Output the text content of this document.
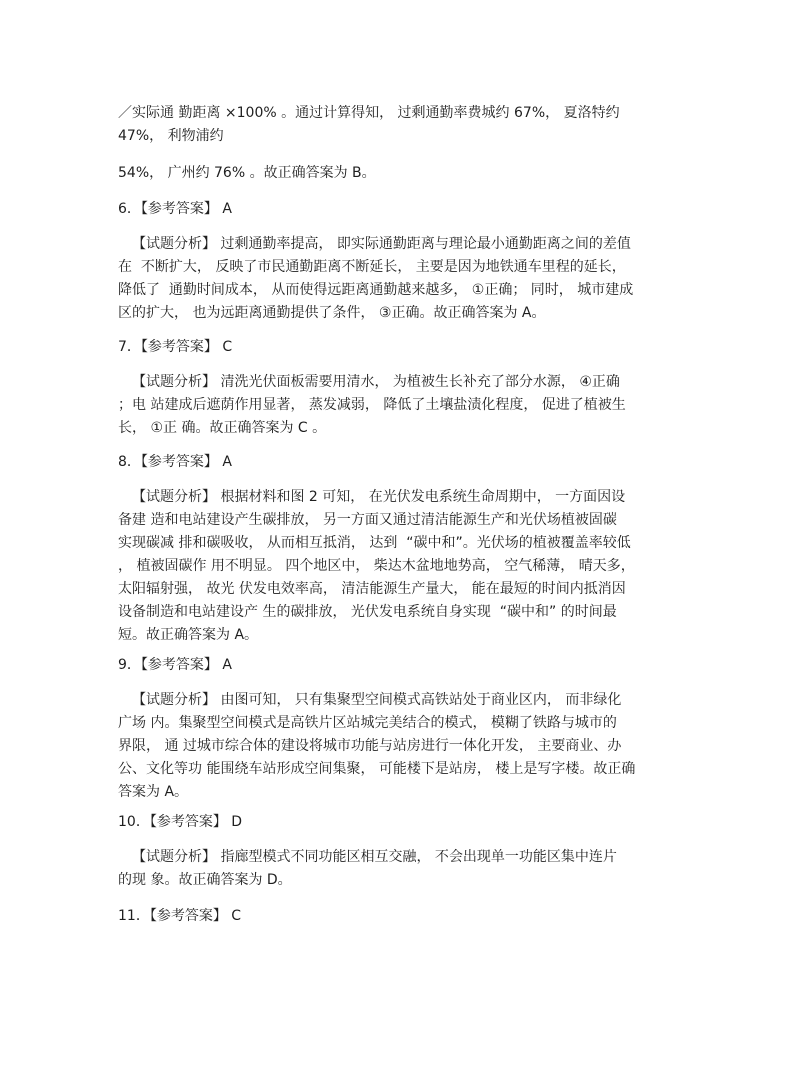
／实际通 勤距离 ×100% 。通过计算得知， 过剩通勤率费城约 67%， 夏洛特约

47%， 利物浦约

54%， 广州约 76% 。故正确答案为 B。

6．【参考答案】 A

【试题分析】 过剩通勤率提高， 即实际通勤距离与理论最小通勤距离之间的差值

在  不断扩大， 反映了市民通勤距离不断延长， 主要是因为地铁通车里程的延长，

降低了  通勤时间成本， 从而使得远距离通勤越来越多， ①正确； 同时， 城市建成

区的扩大， 也为远距离通勤提供了条件， ③正确。故正确答案为 A。

7．【参考答案】 C

【试题分析】 清洗光伏面板需要用清水， 为植被生长补充了部分水源， ④正确

；电 站建成后遮荫作用显著， 蒸发减弱， 降低了土壤盐渍化程度， 促进了植被生

长， ①正 确。故正确答案为 C 。

8．【参考答案】 A

【试题分析】 根据材料和图 2 可知， 在光伏发电系统生命周期中， 一方面因设

备建 造和电站建设产生碳排放， 另一方面又通过清洁能源生产和光伏场植被固碳

实现碳减 排和碳吸收， 从而相互抵消， 达到  “碳中和”。光伏场的植被覆盖率较低

， 植被固碳作 用不明显。 四个地区中， 柴达木盆地地势高， 空气稀薄， 晴天多，

太阳辐射强， 故光 伏发电效率高， 清洁能源生产量大， 能在最短的时间内抵消因

设备制造和电站建设产 生的碳排放， 光伏发电系统自身实现  “碳中和” 的时间最

短。故正确答案为 A。

9．【参考答案】 A

【试题分析】 由图可知， 只有集聚型空间模式高铁站处于商业区内， 而非绿化

广场 内。集聚型空间模式是高铁片区站城完美结合的模式， 模糊了铁路与城市的

界限， 通 过城市综合体的建设将城市功能与站房进行一体化开发， 主要商业、办

公、文化等功 能围绕车站形成空间集聚， 可能楼下是站房， 楼上是写字楼。故正确

答案为 A。

10．【参考答案】 D

【试题分析】 指廊型模式不同功能区相互交融， 不会出现单一功能区集中连片

的现 象。故正确答案为 D。

11．【参考答案】 C
